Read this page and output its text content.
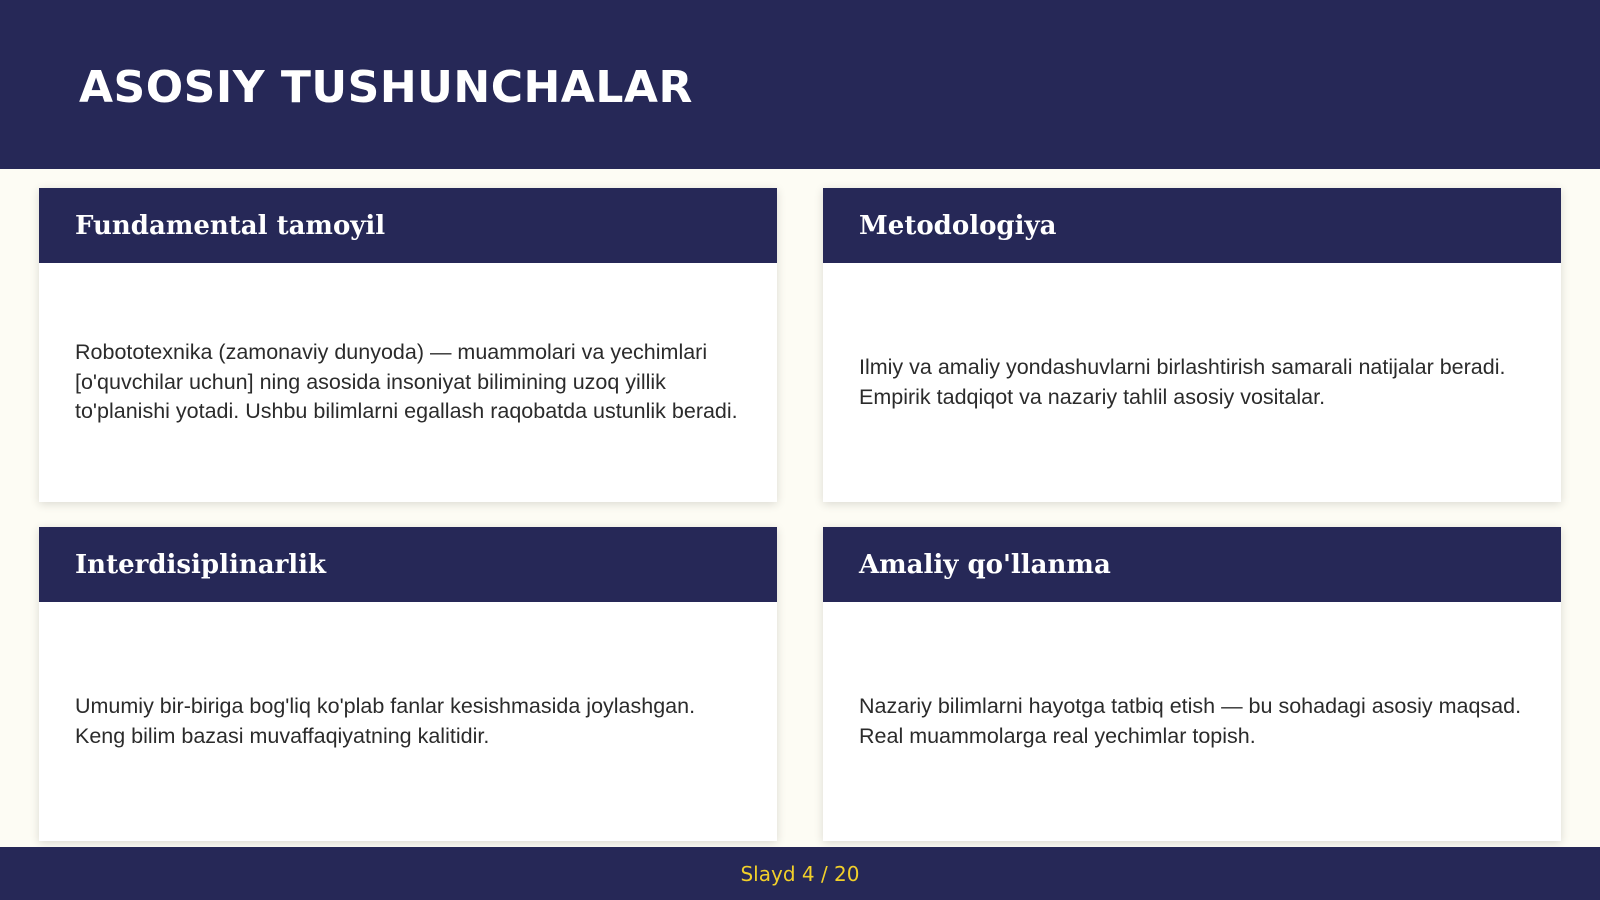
ASOSIY TUSHUNCHALAR
Fundamental tamoyil

Robototexnika (zamonaviy dunyoda) — muammolari va yechimlari [o'quvchilar uchun] ning asosida insoniyat bilimining uzoq yillik to'planishi yotadi. Ushbu bilimlarni egallash raqobatda ustunlik beradi.

Metodologiya

Ilmiy va amaliy yondashuvlarni birlashtirish samarali natijalar beradi. Empirik tadqiqot va nazariy tahlil asosiy vositalar.

Interdisiplinarlik

Umumiy bir-biriga bog'liq ko'plab fanlar kesishmasida joylashgan. Keng bilim bazasi muvaffaqiyatning kalitidir.

Amaliy qo'llanma

Nazariy bilimlarni hayotga tatbiq etish — bu sohadagi asosiy maqsad. Real muammolarga real yechimlar topish.

Slayd 4 / 20
